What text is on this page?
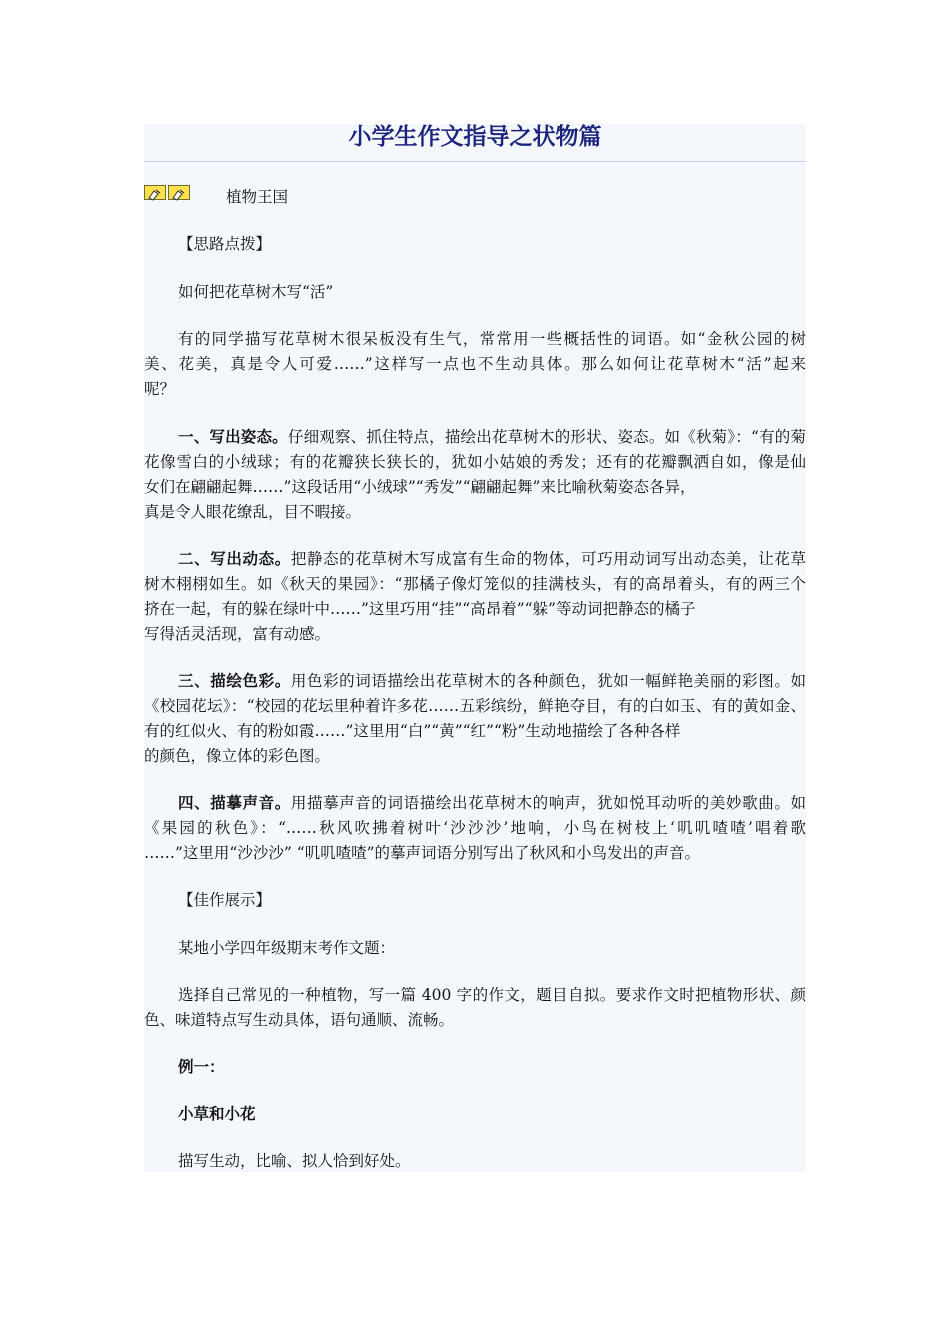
小学生作文指导之状物篇
植物王国
【思路点拨】
如何把花草树木写“活”
有的同学描写花草树木很呆板没有生气，常常用一些概括性的词语。如“金秋公园的树
美、花美，真是令人可爱……”这样写一点也不生动具体。那么如何让花草树木“活”起来
呢？
一、写出姿态。仔细观察、抓住特点，描绘出花草树木的形状、姿态。如《秋菊》：“有的菊
花像雪白的小绒球；有的花瓣狭长狭长的，犹如小姑娘的秀发；还有的花瓣飘洒自如，像是仙
女们在翩翩起舞……”这段话用“小绒球”“秀发”“翩翩起舞”来比喻秋菊姿态各异，
真是令人眼花缭乱，目不暇接。
二、写出动态。把静态的花草树木写成富有生命的物体，可巧用动词写出动态美，让花草
树木栩栩如生。如《秋天的果园》：“那橘子像灯笼似的挂满枝头，有的高昂着头，有的两三个
挤在一起，有的躲在绿叶中……”这里巧用“挂”“高昂着”“躲”等动词把静态的橘子
写得活灵活现，富有动感。
三、描绘色彩。用色彩的词语描绘出花草树木的各种颜色，犹如一幅鲜艳美丽的彩图。如
《校园花坛》：“校园的花坛里种着许多花……五彩缤纷，鲜艳夺目，有的白如玉、有的黄如金、
有的红似火、有的粉如霞……”这里用“白”“黄”“红”“粉”生动地描绘了各种各样
的颜色，像立体的彩色图。
四、描摹声音。用描摹声音的词语描绘出花草树木的响声，犹如悦耳动听的美妙歌曲。如
《果园的秋色》：“……秋风吹拂着树叶‘沙沙沙’地响，小鸟在树枝上‘叽叽喳喳’唱着歌
……”这里用“沙沙沙” “叽叽喳喳”的摹声词语分别写出了秋风和小鸟发出的声音。
【佳作展示】
某地小学四年级期末考作文题：
选择自己常见的一种植物，写一篇 400 字的作文，题目自拟。要求作文时把植物形状、颜
色、味道特点写生动具体，语句通顺、流畅。
例一：
小草和小花
描写生动，比喻、拟人恰到好处。
